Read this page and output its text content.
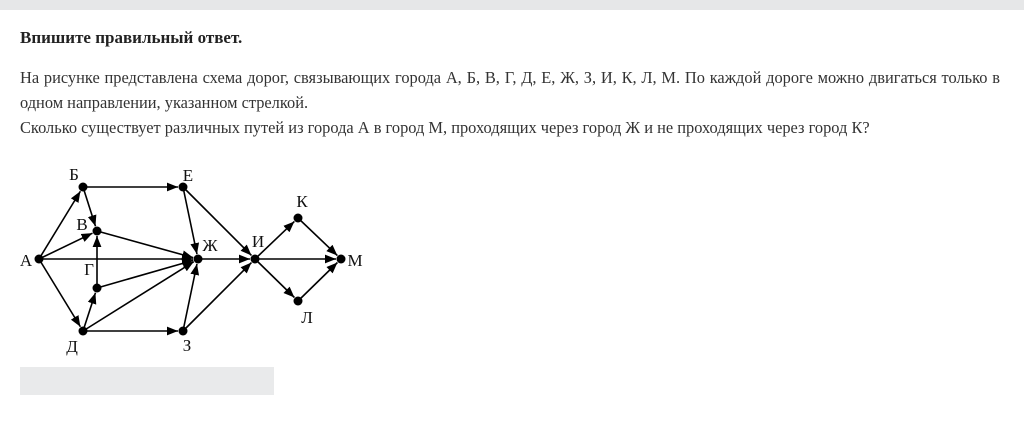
Впишите правильный ответ.

На рисунке представлена схема дорог, связывающих города А, Б, В, Г, Д, Е, Ж, З, И, К, Л, М. По каждой дороге можно двигаться только в одном направлении, указанном стрелкой.

Сколько существует различных путей из города А в город М, проходящих через город Ж и не проходящих через город К?

А
Б
В
Г
Д
Е
Ж
З
И
К
Л
М
